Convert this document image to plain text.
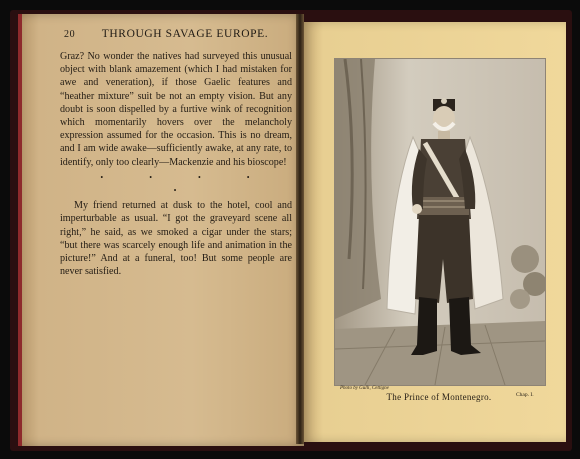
20	THROUGH SAVAGE EUROPE.

Graz? No wonder the natives had surveyed this unusual object with blank amazement (which I had mistaken for awe and veneration), if those Gaelic features and “heather mixture” suit be not an empty vision. But any doubt is soon dispelled by a furtive wink of recognition which momentarily hovers over the melancholy expression assumed for the occasion. This is no dream, and I am wide awake—sufficiently awake, at any rate, to identify, only too clearly—Mackenzie and his bioscope!

• • • • •

My friend returned at dusk to the hotel, cool and imperturbable as usual. “I got the graveyard scene all right,” he said, as we smoked a cigar under the stars; “but there was scarcely enough life and animation in the picture!” And at a funeral, too! But some people are never satisfied.

Photo by Gulli, Cettigne
The Prince of Montenegro.	Chap. I.
